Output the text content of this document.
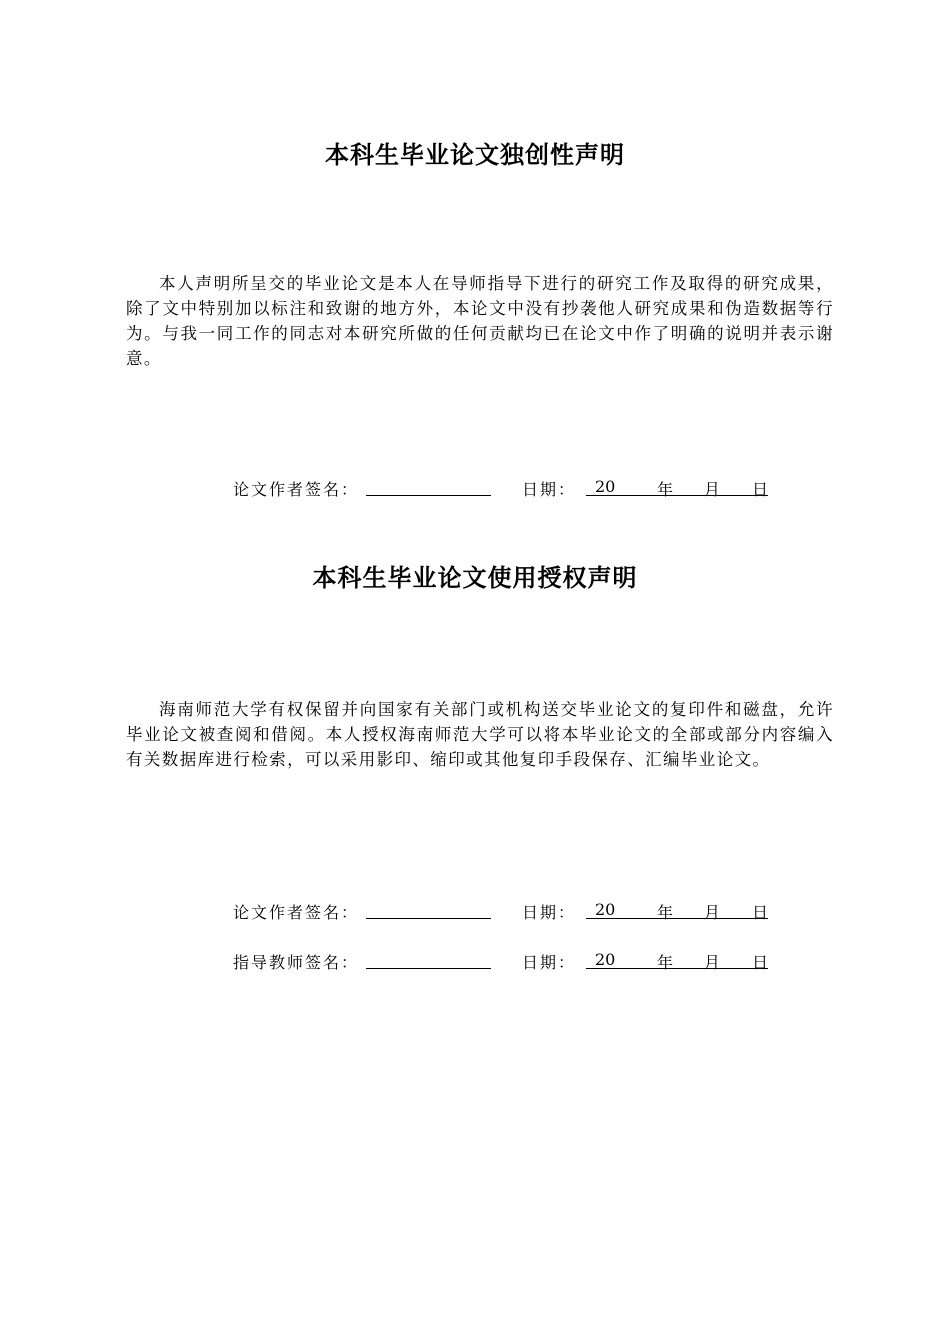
本科生毕业论文独创性声明

本人声明所呈交的毕业论文是本人在导师指导下进行的研究工作及取得的研究成果，除了文中特别加以标注和致谢的地方外，本论文中没有抄袭他人研究成果和伪造数据等行为。与我一同工作的同志对本研究所做的任何贡献均已在论文中作了明确的说明并表示谢意。

论文作者签名：	日期： 20	年 月 日
本科生毕业论文使用授权声明

海南师范大学有权保留并向国家有关部门或机构送交毕业论文的复印件和磁盘，允许毕业论文被查阅和借阅。本人授权海南师范大学可以将本毕业论文的全部或部分内容编入有关数据库进行检索，可以采用影印、缩印或其他复印手段保存、汇编毕业论文。

论文作者签名：	日期： 20	年 月 日
指导教师签名：	日期： 20	年 月 日
